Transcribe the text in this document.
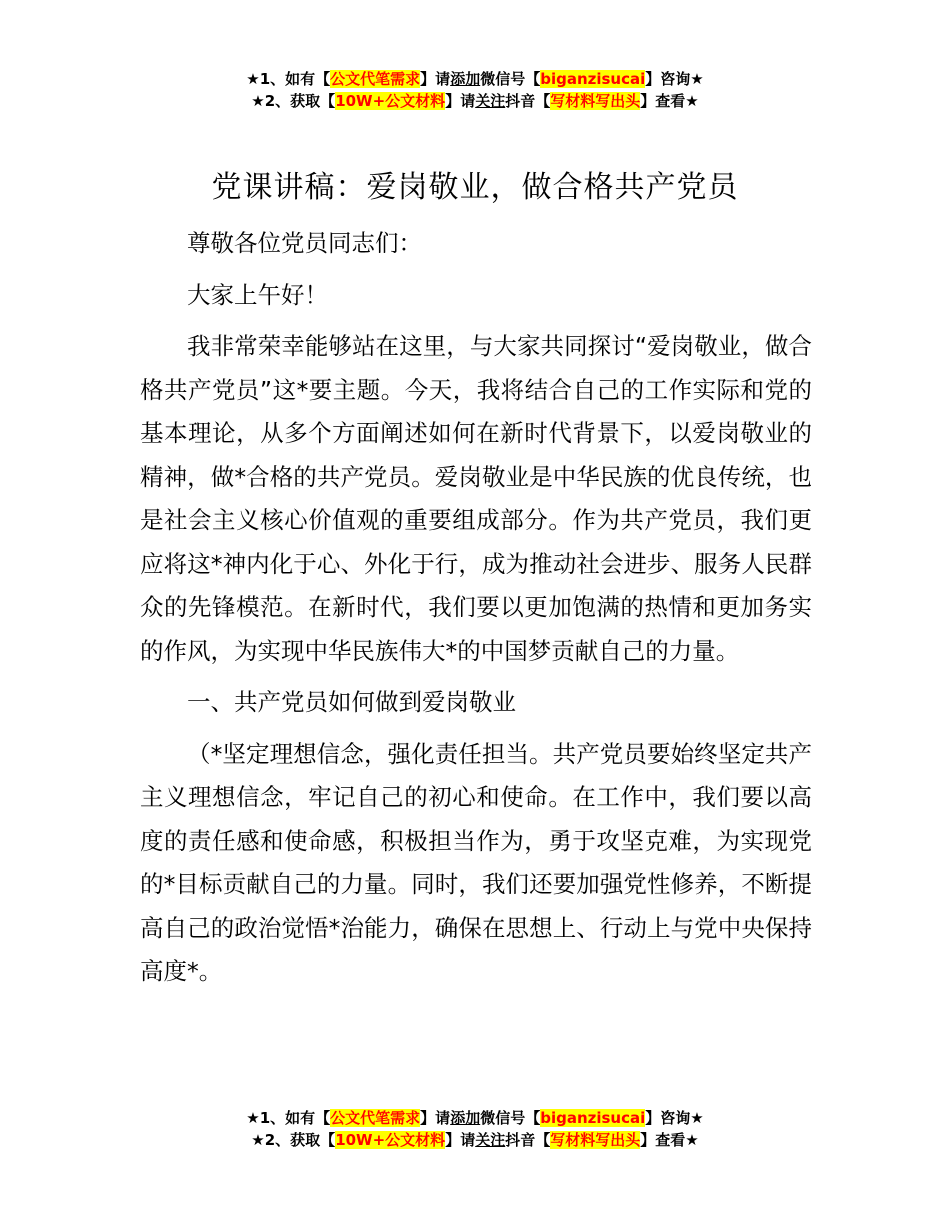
★1、如有【公文代笔需求】请添加微信号【biganzisucai】咨询★
★2、获取【10W+公文材料】请关注抖音【写材料写出头】查看★
党课讲稿：爱岗敬业，做合格共产党员

尊敬各位党员同志们：

大家上午好！

我非常荣幸能够站在这里，与大家共同探讨“爱岗敬业，做合格共产党员”这*要主题。今天，我将结合自己的工作实际和党的基本理论，从多个方面阐述如何在新时代背景下，以爱岗敬业的精神，做*合格的共产党员。爱岗敬业是中华民族的优良传统，也是社会主义核心价值观的重要组成部分。作为共产党员，我们更应将这*神内化于心、外化于行，成为推动社会进步、服务人民群众的先锋模范。在新时代，我们要以更加饱满的热情和更加务实的作风，为实现中华民族伟大*的中国梦贡献自己的力量。

一、共产党员如何做到爱岗敬业

（*坚定理想信念，强化责任担当。共产党员要始终坚定共产主义理想信念，牢记自己的初心和使命。在工作中，我们要以高度的责任感和使命感，积极担当作为，勇于攻坚克难，为实现党的*目标贡献自己的力量。同时，我们还要加强党性修养，不断提高自己的政治觉悟*治能力，确保在思想上、行动上与党中央保持高度*。

★1、如有【公文代笔需求】请添加微信号【biganzisucai】咨询★
★2、获取【10W+公文材料】请关注抖音【写材料写出头】查看★
